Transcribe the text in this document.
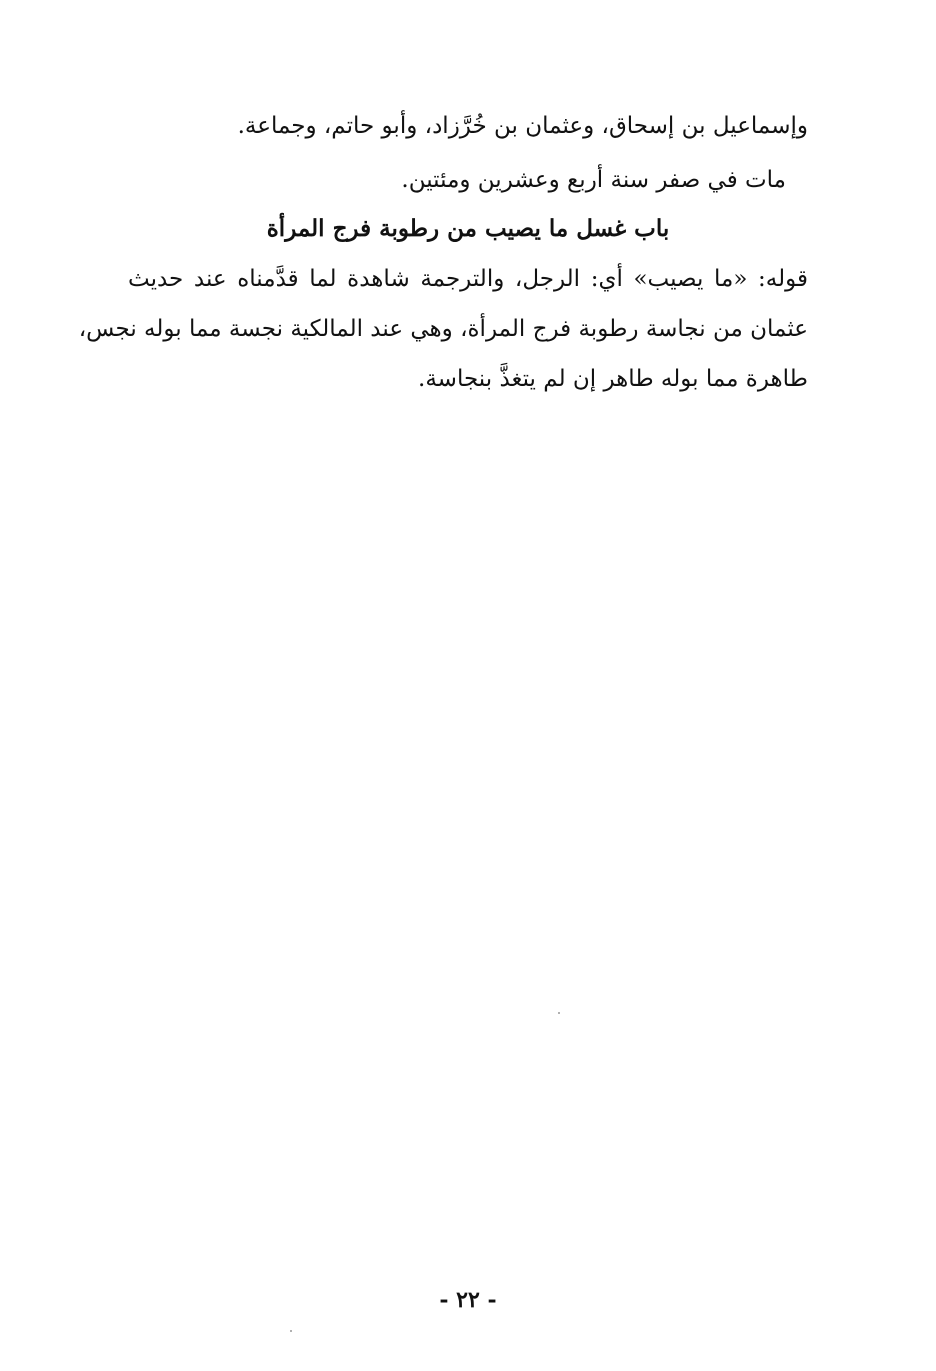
وإسماعيل بن إسحاق، وعثمان بن خُرَّزاد، وأبو حاتم، وجماعة.
مات في صفر سنة أربع وعشرين ومئتين.
باب غسل ما يصيب من رطوبة فرج المرأة
قوله: «ما يصيب» أي: الرجل، والترجمة شاهدة لما قدَّمناه عند حديث
عثمان من نجاسة رطوبة فرج المرأة، وهي عند المالكية نجسة مما بوله نجس،
طاهرة مما بوله طاهر إن لم يتغذَّ بنجاسة.
- ٢٢ -
